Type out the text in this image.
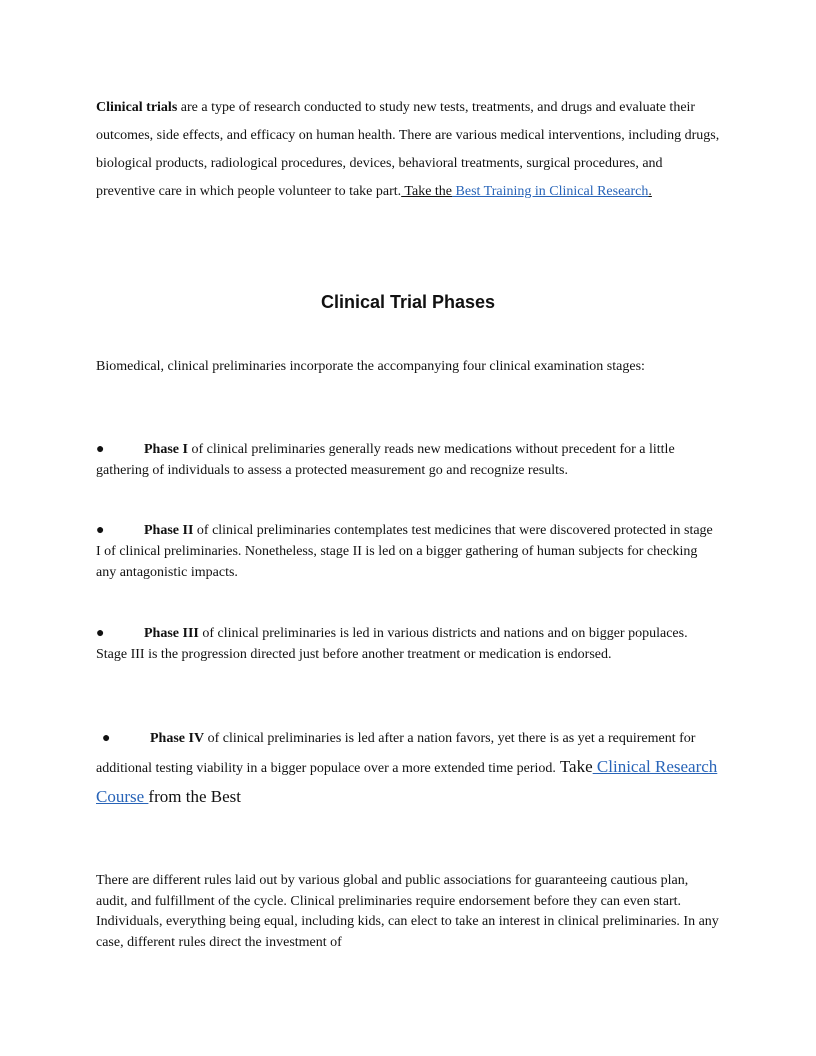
Clinical trials are a type of research conducted to study new tests, treatments, and drugs and evaluate their outcomes, side effects, and efficacy on human health. There are various medical interventions, including drugs, biological products, radiological procedures, devices, behavioral treatments, surgical procedures, and preventive care in which people volunteer to take part. Take the Best Training in Clinical Research.
Clinical Trial Phases
Biomedical, clinical preliminaries incorporate the accompanying four clinical examination stages:
●	Phase I of clinical preliminaries generally reads new medications without precedent for a little gathering of individuals to assess a protected measurement go and recognize results.
●	Phase II of clinical preliminaries contemplates test medicines that were discovered protected in stage I of clinical preliminaries. Nonetheless, stage II is led on a bigger gathering of human subjects for checking any antagonistic impacts.
●	Phase III of clinical preliminaries is led in various districts and nations and on bigger populaces. Stage III is the progression directed just before another treatment or medication is endorsed.
●	Phase IV of clinical preliminaries is led after a nation favors, yet there is as yet a requirement for additional testing viability in a bigger populace over a more extended time period. Take Clinical Research Course from the Best
There are different rules laid out by various global and public associations for guaranteeing cautious plan, audit, and fulfillment of the cycle. Clinical preliminaries require endorsement before they can even start. Individuals, everything being equal, including kids, can elect to take an interest in clinical preliminaries. In any case, different rules direct the investment of
